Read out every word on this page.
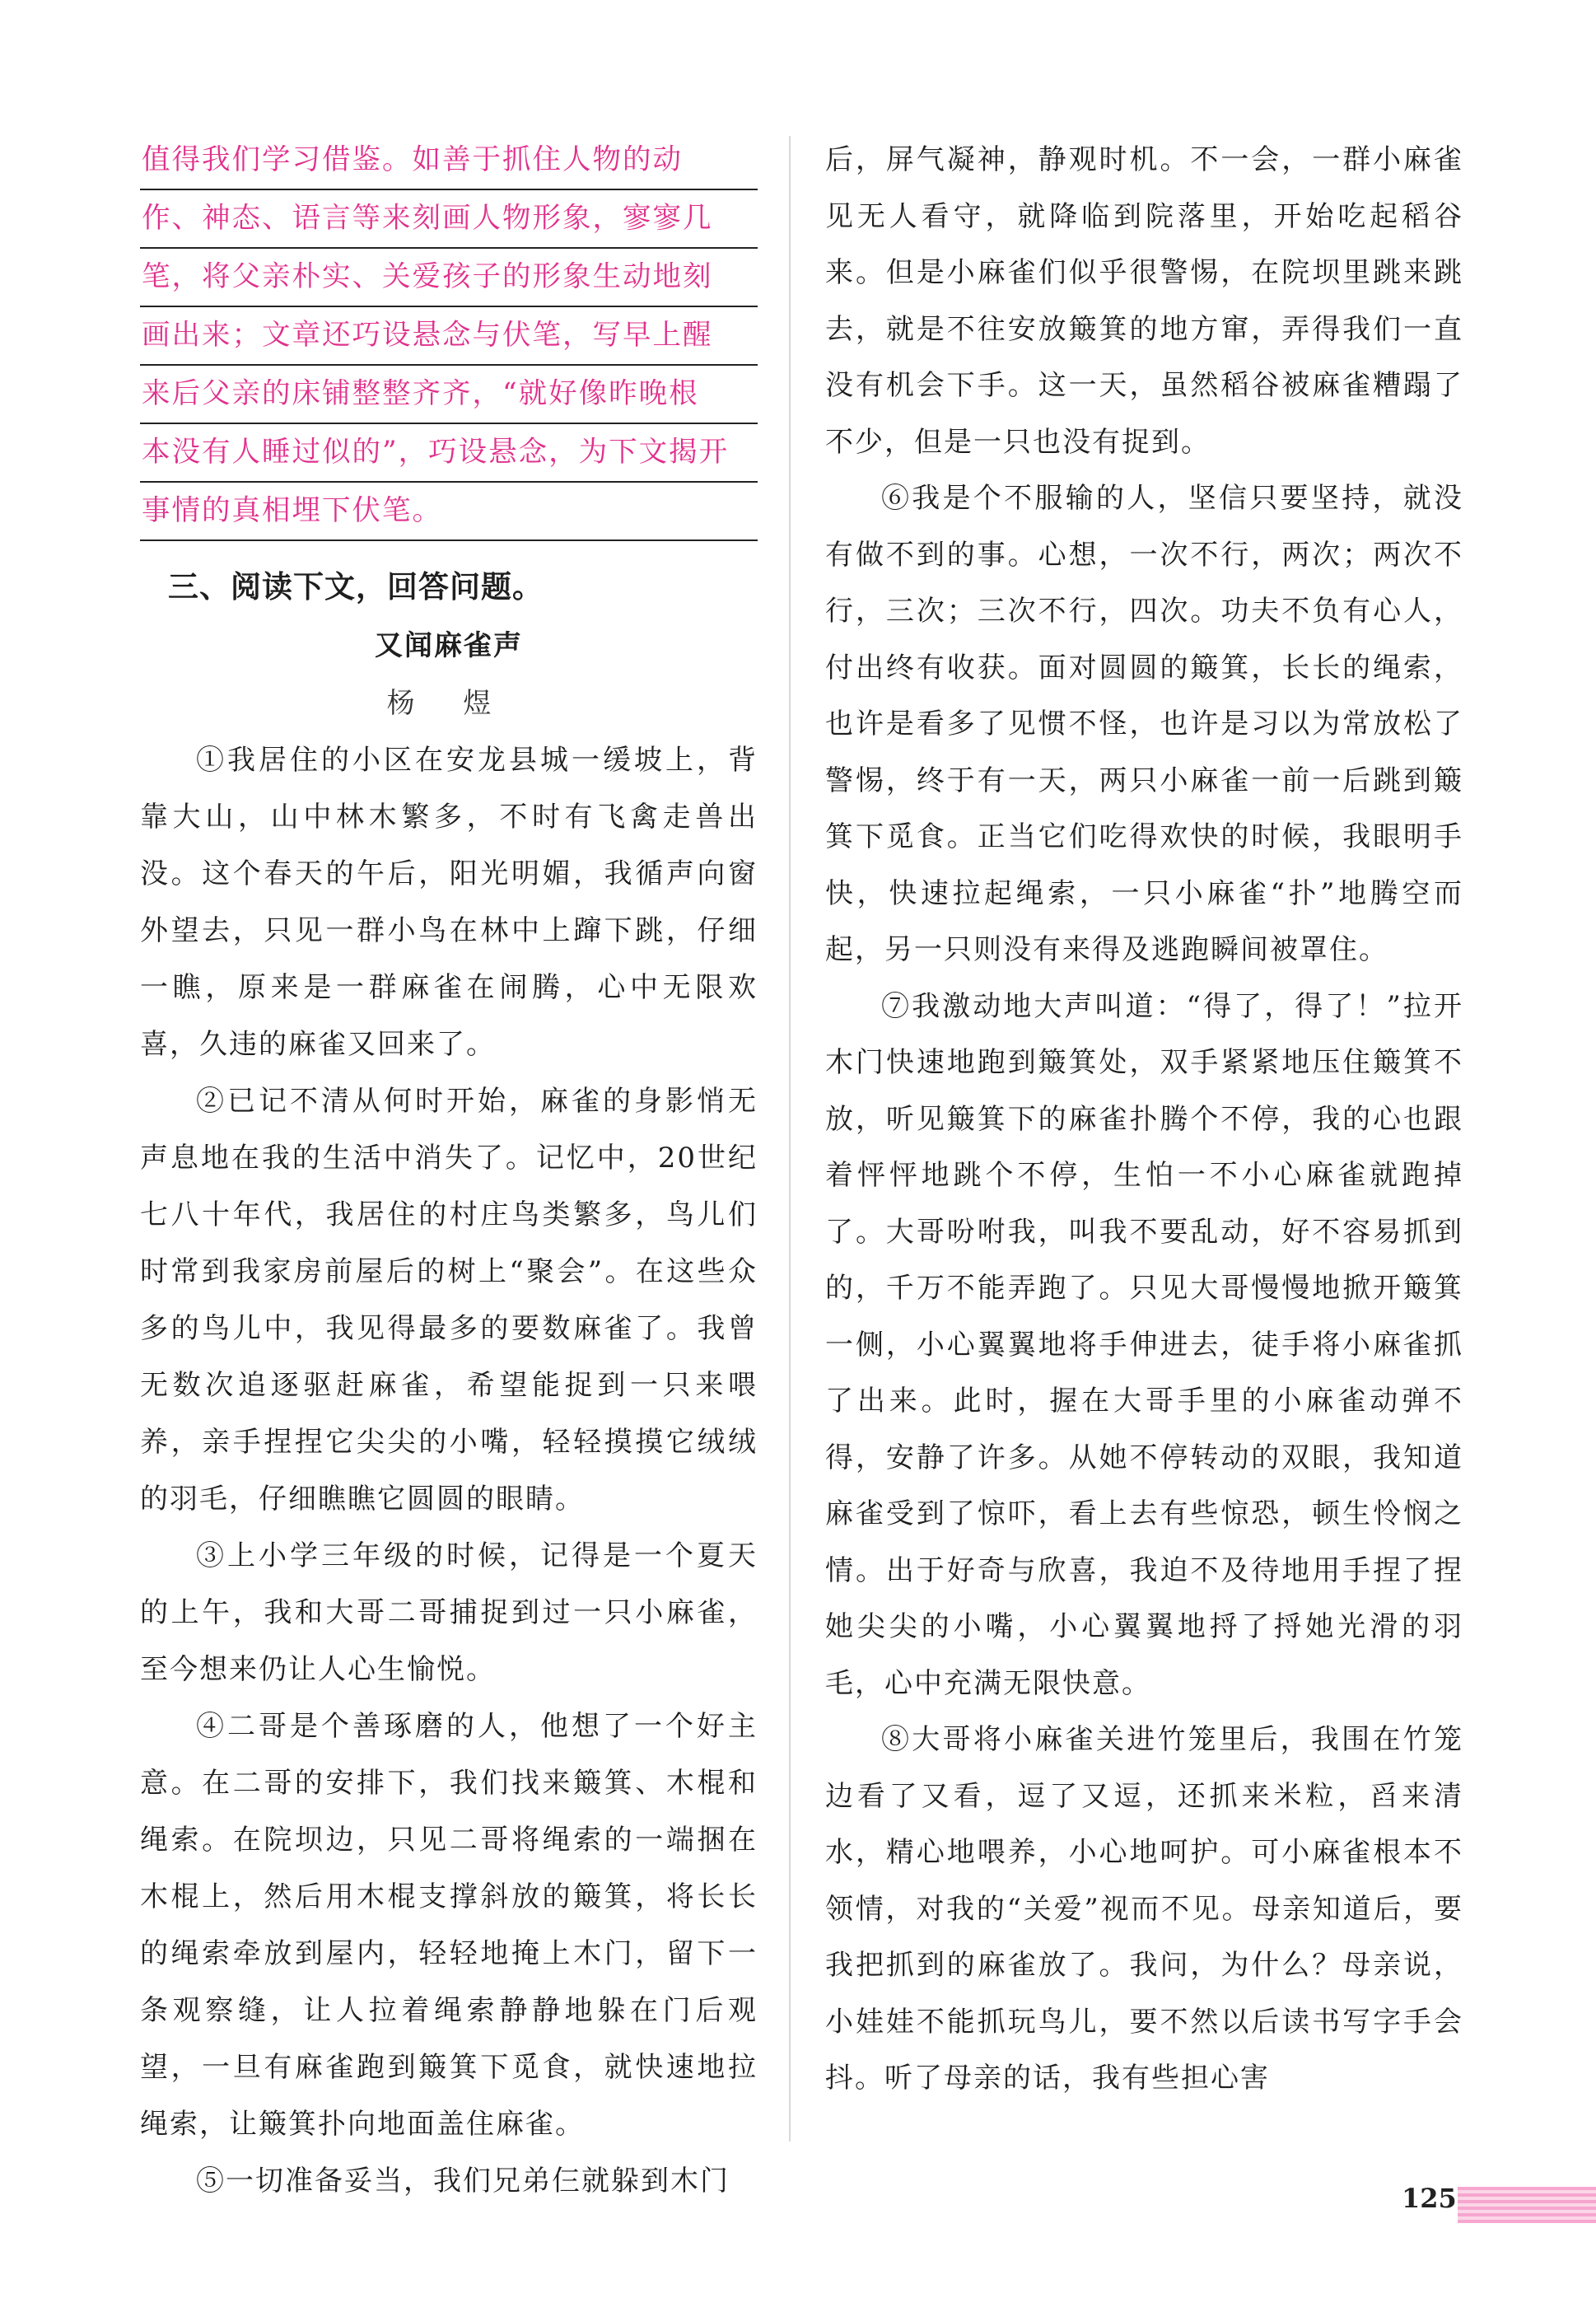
值得我们学习借鉴。如善于抓住人物的动
作、神态、语言等来刻画人物形象，寥寥几
笔，将父亲朴实、关爱孩子的形象生动地刻
画出来；文章还巧设悬念与伏笔，写早上醒
来后父亲的床铺整整齐齐，“就好像昨晚根
本没有人睡过似的”，巧设悬念，为下文揭开
事情的真相埋下伏笔。

三、阅读下文，回答问题。
又闻麻雀声
杨 煜

①我居住的小区在安龙县城一缓坡上，背靠大山，山中林木繁多，不时有飞禽走兽出没。这个春天的午后，阳光明媚，我循声向窗外望去，只见一群小鸟在林中上蹿下跳，仔细一瞧，原来是一群麻雀在闹腾，心中无限欢喜，久违的麻雀又回来了。

②已记不清从何时开始，麻雀的身影悄无声息地在我的生活中消失了。记忆中，20世纪七八十年代，我居住的村庄鸟类繁多，鸟儿们时常到我家房前屋后的树上“聚会”。在这些众多的鸟儿中，我见得最多的要数麻雀了。我曾无数次追逐驱赶麻雀，希望能捉到一只来喂养，亲手捏捏它尖尖的小嘴，轻轻摸摸它绒绒的羽毛，仔细瞧瞧它圆圆的眼睛。

③上小学三年级的时候，记得是一个夏天的上午，我和大哥二哥捕捉到过一只小麻雀，至今想来仍让人心生愉悦。

④二哥是个善琢磨的人，他想了一个好主意。在二哥的安排下，我们找来簸箕、木棍和绳索。在院坝边，只见二哥将绳索的一端捆在木棍上，然后用木棍支撑斜放的簸箕，将长长的绳索牵放到屋内，轻轻地掩上木门，留下一条观察缝，让人拉着绳索静静地躲在门后观望，一旦有麻雀跑到簸箕下觅食，就快速地拉绳索，让簸箕扑向地面盖住麻雀。

⑤一切准备妥当，我们兄弟仨就躲到木门

后，屏气凝神，静观时机。不一会，一群小麻雀见无人看守，就降临到院落里，开始吃起稻谷来。但是小麻雀们似乎很警惕，在院坝里跳来跳去，就是不往安放簸箕的地方窜，弄得我们一直没有机会下手。这一天，虽然稻谷被麻雀糟蹋了不少，但是一只也没有捉到。

⑥我是个不服输的人，坚信只要坚持，就没有做不到的事。心想，一次不行，两次；两次不行，三次；三次不行，四次。功夫不负有心人，付出终有收获。面对圆圆的簸箕，长长的绳索，也许是看多了见惯不怪，也许是习以为常放松了警惕，终于有一天，两只小麻雀一前一后跳到簸箕下觅食。正当它们吃得欢快的时候，我眼明手快，快速拉起绳索，一只小麻雀“扑”地腾空而起，另一只则没有来得及逃跑瞬间被罩住。

⑦我激动地大声叫道：“得了，得了！”拉开木门快速地跑到簸箕处，双手紧紧地压住簸箕不放，听见簸箕下的麻雀扑腾个不停，我的心也跟着怦怦地跳个不停，生怕一不小心麻雀就跑掉了。大哥吩咐我，叫我不要乱动，好不容易抓到的，千万不能弄跑了。只见大哥慢慢地掀开簸箕一侧，小心翼翼地将手伸进去，徒手将小麻雀抓了出来。此时，握在大哥手里的小麻雀动弹不得，安静了许多。从她不停转动的双眼，我知道麻雀受到了惊吓，看上去有些惊恐，顿生怜悯之情。出于好奇与欣喜，我迫不及待地用手捏了捏她尖尖的小嘴，小心翼翼地捋了捋她光滑的羽毛，心中充满无限快意。

⑧大哥将小麻雀关进竹笼里后，我围在竹笼边看了又看，逗了又逗，还抓来米粒，舀来清水，精心地喂养，小心地呵护。可小麻雀根本不领情，对我的“关爱”视而不见。母亲知道后，要我把抓到的麻雀放了。我问，为什么？母亲说，小娃娃不能抓玩鸟儿，要不然以后读书写字手会抖。听了母亲的话，我有些担心害

125
